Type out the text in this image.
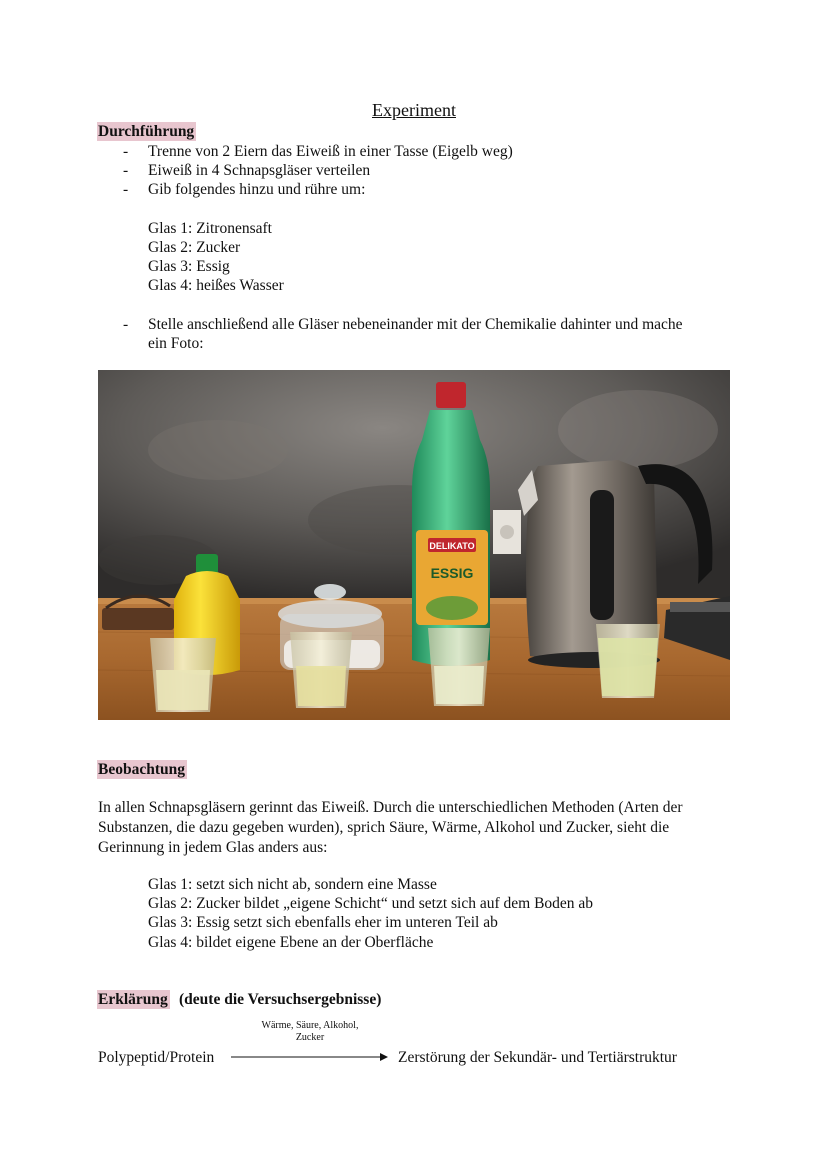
Experiment
Durchführung
- Trenne von 2 Eiern das Eiweiß in einer Tasse (Eigelb weg)
- Eiweiß in 4 Schnapsgläser verteilen
- Gib folgendes hinzu und rühre um:
Glas 1: Zitronensaft
Glas 2: Zucker
Glas 3: Essig
Glas 4: heißes Wasser
- Stelle anschließend alle Gläser nebeneinander mit der Chemikalie dahinter und mache
ein Foto:
DELIKATO
ESSIG
Beobachtung
In allen Schnapsgläsern gerinnt das Eiweiß. Durch die unterschiedlichen Methoden (Arten der
Substanzen, die dazu gegeben wurden), sprich Säure, Wärme, Alkohol und Zucker, sieht die
Gerinnung in jedem Glas anders aus:
Glas 1: setzt sich nicht ab, sondern eine Masse
Glas 2: Zucker bildet „eigene Schicht“ und setzt sich auf dem Boden ab
Glas 3: Essig setzt sich ebenfalls eher im unteren Teil ab
Glas 4: bildet eigene Ebene an der Oberfläche
Erklärung (deute die Versuchsergebnisse)
Wärme, Säure, Alkohol,
Zucker
Polypeptid/Protein	Zerstörung der Sekundär- und Tertiärstruktur
